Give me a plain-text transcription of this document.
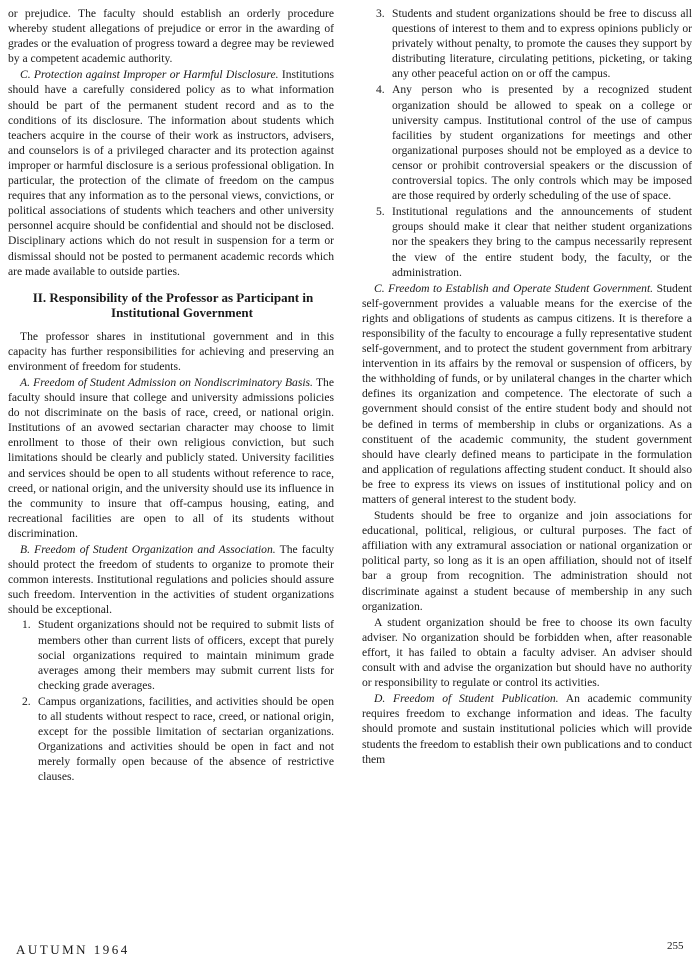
or prejudice. The faculty should establish an orderly procedure whereby student allegations of prejudice or error in the awarding of grades or the evaluation of progress toward a degree may be reviewed by a competent academic authority.

C. Protection against Improper or Harmful Disclosure. Institutions should have a carefully considered policy as to what information should be part of the permanent student record and as to the conditions of its disclosure. The information about students which teachers acquire in the course of their work as instructors, advisers, and counselors is of a privileged character and its protection against improper or harmful disclosure is a serious professional obligation. In particular, the protection of the climate of freedom on the campus requires that any information as to the personal views, convictions, or political associations of students which teachers and other university personnel acquire should be confidential and should not be disclosed. Disciplinary actions which do not result in suspension for a term or dismissal should not be posted to permanent academic records which are made available to outside parties.

II. Responsibility of the Professor as Participant in Institutional Government

The professor shares in institutional government and in this capacity has further responsibilities for achieving and preserving an environment of freedom for students.

A. Freedom of Student Admission on Nondiscriminatory Basis. The faculty should insure that college and university admissions policies do not discriminate on the basis of race, creed, or national origin. Institutions of an avowed sectarian character may choose to limit enrollment to those of their own religious conviction, but such limitations should be clearly and publicly stated. University facilities and services should be open to all students without reference to race, creed, or national origin, and the university should use its influence in the community to insure that off-campus housing, eating, and recreational facilities are open to all of its students without discrimination.

B. Freedom of Student Organization and Association. The faculty should protect the freedom of students to organize to promote their common interests. Institutional regulations and policies should assure such freedom. Intervention in the activities of student organizations should be exceptional.

1. Student organizations should not be required to submit lists of members other than current lists of officers, except that purely social organizations required to maintain minimum grade averages among their members may submit current lists for checking grade averages.
2. Campus organizations, facilities, and activities should be open to all students without respect to race, creed, or national origin, except for the possible limitation of sectarian organizations. Organizations and activities should be open in fact and not merely formally open because of the absence of restrictive clauses.
3. Students and student organizations should be free to discuss all questions of interest to them and to express opinions publicly or privately without penalty, to promote the causes they support by distributing literature, circulating petitions, picketing, or taking any other peaceful action on or off the campus.
4. Any person who is presented by a recognized student organization should be allowed to speak on a college or university campus. Institutional control of the use of campus facilities by student organizations for meetings and other organizational purposes should not be employed as a device to censor or prohibit controversial speakers or the discussion of controversial topics. The only controls which may be imposed are those required by orderly scheduling of the use of space.
5. Institutional regulations and the announcements of student groups should make it clear that neither student organizations nor the speakers they bring to the campus necessarily represent the view of the entire student body, the faculty, or the administration.

C. Freedom to Establish and Operate Student Government. Student self-government provides a valuable means for the exercise of the rights and obligations of students as campus citizens. It is therefore a responsibility of the faculty to encourage a fully representative student self-government, and to protect the student government from arbitrary intervention in its affairs by the removal or suspension of officers, by the withholding of funds, or by unilateral changes in the charter which defines its organization and competence. The electorate of such a government should consist of the entire student body and should not be defined in terms of membership in clubs or organizations. As a constituent of the academic community, the student government should have clearly defined means to participate in the formulation and application of regulations affecting student conduct. It should also be free to express its views on issues of institutional policy and on matters of general interest to the student body.

Students should be free to organize and join associations for educational, political, religious, or cultural purposes. The fact of affiliation with any extramural association or national organization or political party, so long as it is an open affiliation, should not of itself bar a group from recognition. The administration should not discriminate against a student because of membership in any such organization.

A student organization should be free to choose its own faculty adviser. No organization should be forbidden when, after reasonable effort, it has failed to obtain a faculty adviser. An adviser should consult with and advise the organization but should have no authority or responsibility to regulate or control its activities.

D. Freedom of Student Publication. An academic community requires freedom to exchange information and ideas. The faculty should promote and sustain institutional policies which will provide students the freedom to establish their own publications and to conduct them

AUTUMN 1964	255
